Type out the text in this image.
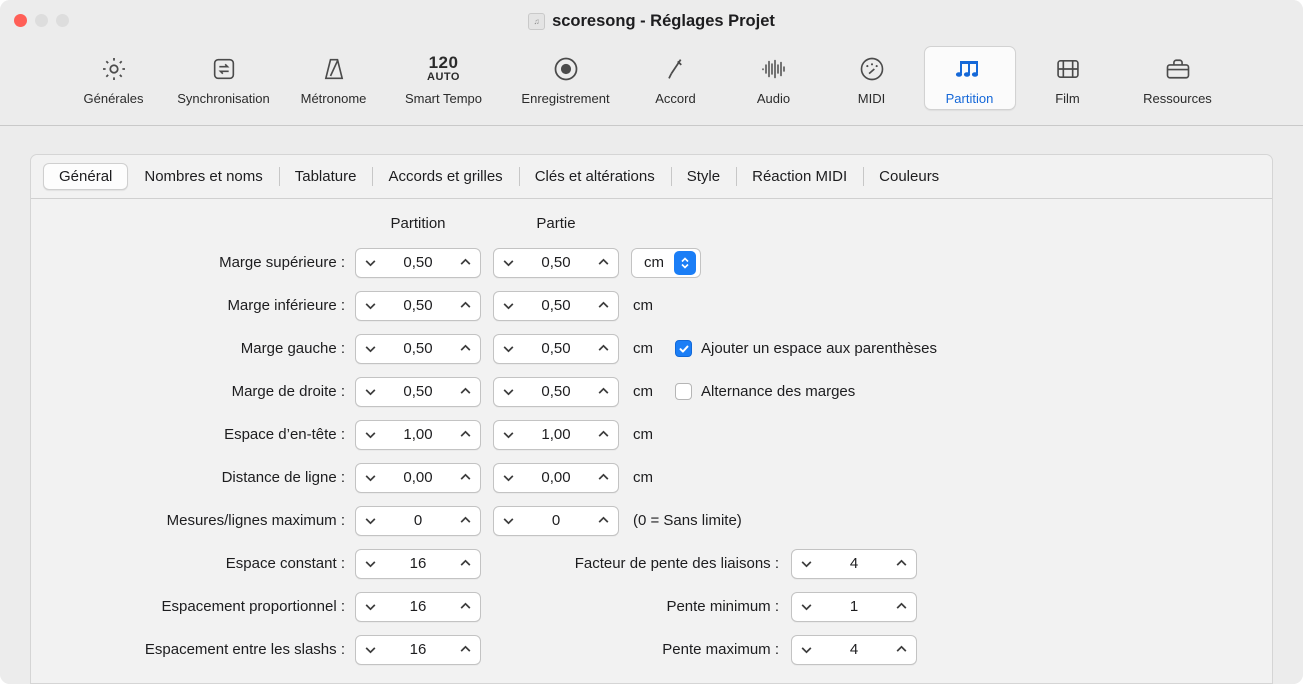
♫ scoresong - Réglages Projet
Générales	Synchronisation Métronome
120
AUTO
Smart Tempo	Enregistrement	Accord	Audio	MIDI	Partition	Film	Ressources
Général	Nombres et noms	Tablature	Accords et grilles	Clés et altérations	Style	Réaction MIDI	Couleurs
Partition	Partie
Marge supérieure :	0,50	0,50	cm
Marge inférieure :	0,50	0,50	cm
Marge gauche :	0,50	0,50	cm	Ajouter un espace aux parenthèses
Marge de droite :	0,50	0,50	cm	Alternance des marges
Espace d’en-tête :	1,00	1,00	cm
Distance de ligne :	0,00	0,00	cm
Mesures/lignes maximum :	0	0	(0 = Sans limite)
Espace constant :	16	Facteur de pente des liaisons :	4
Espacement proportionnel :	16	Pente minimum :	1
Espacement entre les slashs :	16	Pente maximum :	4
